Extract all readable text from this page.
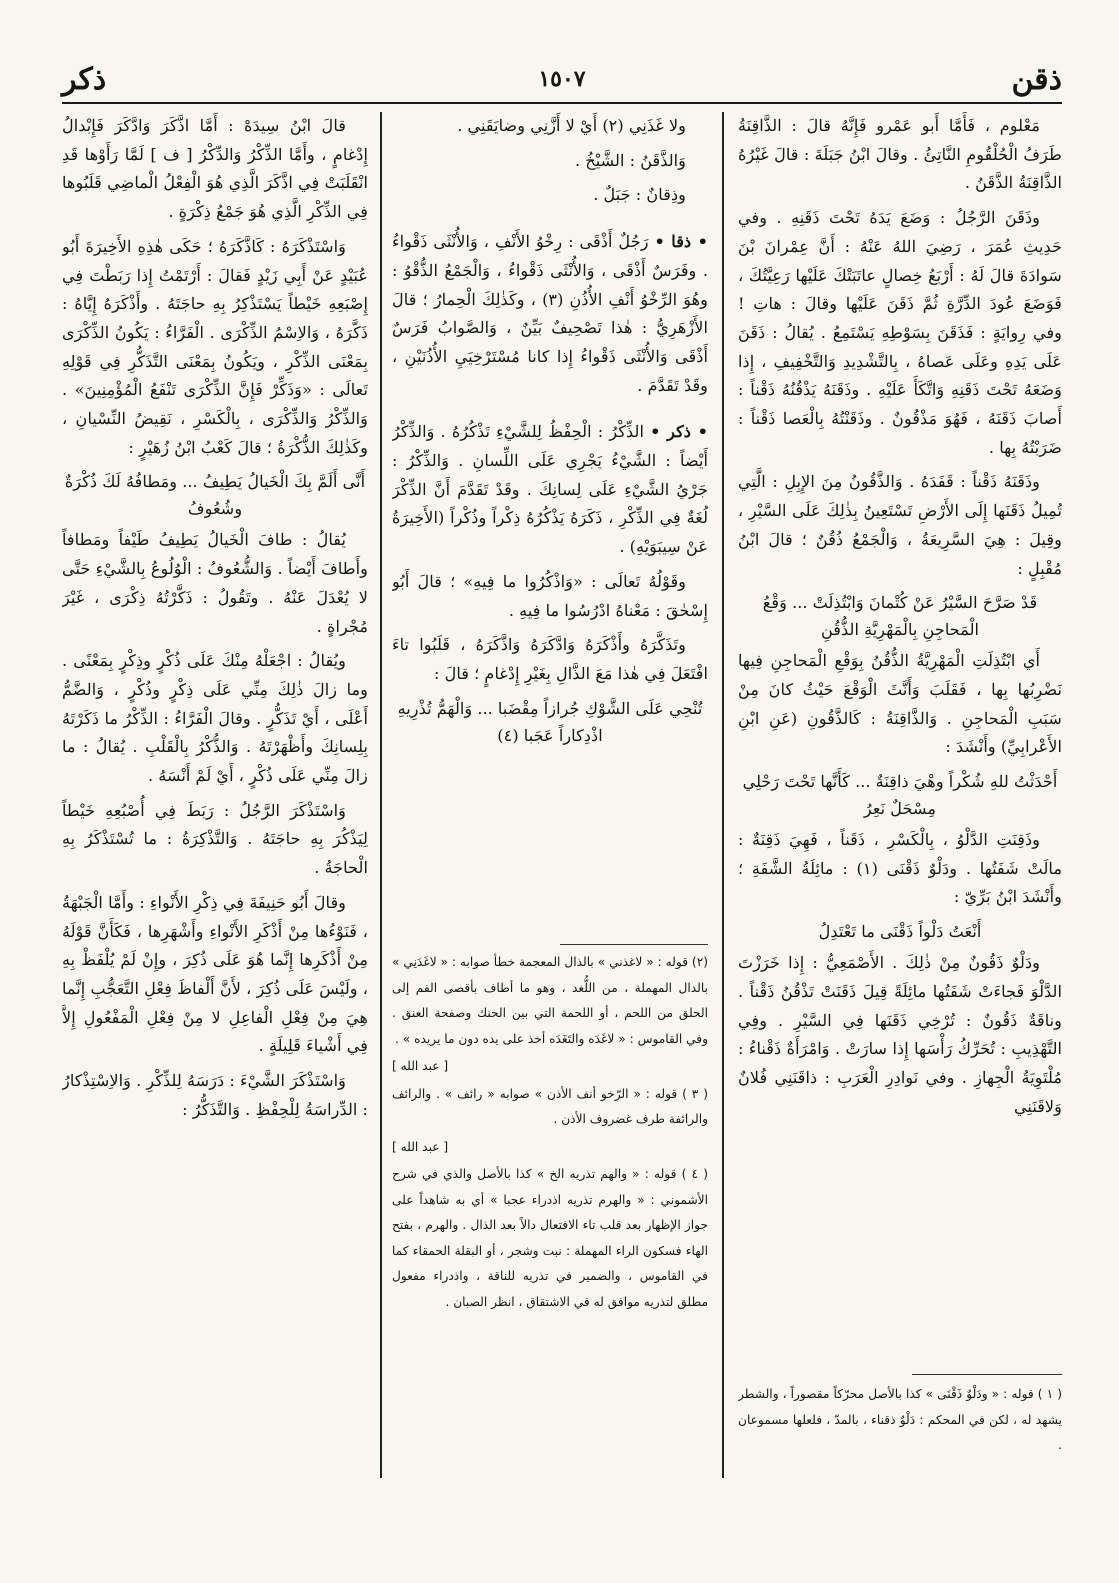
ذقن
١٥٠٧
ذكر

مَعْلوم ، فَأَمَّا أَبو عَمْرو فَإِنَّهُ قالَ : الذَّاقِنَةُ طَرَفُ الْحُلْقُومِ النَّاتِئُ . وقالَ ابْنُ جَبَلَةَ : قالَ غَيْرُهُ الذَّاقِنَةُ الذَّقَنُ .

وذَقَنَ الرَّجُلُ : وَضَعَ يَدَهُ تَحْتَ ذَقَنِهِ . وفي حَدِيثِ عُمَرَ ، رَضِيَ اللهُ عَنْهُ : أَنَّ عِمْرانَ بْنَ سَوادَةَ قالَ لَهُ : أَرْبَعُ خِصالٍ عاتَبَتْكَ عَلَيْها رَعِيَّتُكَ ، فَوَضَعَ عُودَ الدِّرَّةِ ثُمَّ ذَقَنَ عَلَيْها وقالَ : هاتِ ! وفي رِوايَةٍ : فَذَقَنَ بِسَوْطِهِ يَسْتَمِعُ . يُقالُ : ذَقَنَ عَلَى يَدِهِ وعَلَى عَصاهُ ، بِالتَّشْدِيدِ وَالتَّخْفِيفِ ، إِذا وَضَعَهُ تَحْتَ ذَقَنِهِ وَاتَّكَأَ عَلَيْهِ . وذَقَنَهُ يَذْقُنُهُ ذَقْناً : أَصابَ ذَقَنَهُ ، فَهُوَ مَذْقُونٌ . وذَقَنْتُهُ بِالْعَصا ذَقْناً : ضَرَبْتُهُ بِها .

وذَقَنَهُ ذَقْناً : قَفَدَهُ . وَالذَّقُونُ مِنَ الإِبِلِ : الَّتِي تُمِيلُ ذَقَنَها إِلَى الأَرْضِ تَسْتَعِينُ بِذٰلِكَ عَلَى السَّيْرِ ، وقِيلَ : هِيَ السَّرِيعَةُ ، وَالْجَمْعُ ذُقُنٌ ؛ قالَ ابْنُ مُقْبِلٍ :

قَدْ صَرَّحَ السَّيْرُ عَنْ كُتْمانَ وَابْتُذِلَتْ ... وَقْعُ الْمَحاجِنِ بِالْمَهْرِيَّةِ الذُّقُنِ

أَي ابْتُذِلَتِ الْمَهْرِيَّةُ الذُّقُنُ بِوَقْعِ الْمَحاجِنِ فِيها نَضْرِبُها بِها ، فَقَلَبَ وَأَنَّثَ الْوَقْعَ حَيْثُ كانَ مِنْ سَبَبِ الْمَحاجِنِ . وَالذَّاقِنَةُ : كَالذَّقُونِ (عَنِ ابْنِ الأَعْرابِيِّ) وأَنْشَدَ :

أَحْدَثْتُ للهِ شُكْراً وهْيَ ذاقِنَةٌ ... كَأَنَّها تَحْتَ رَحْلِي مِسْحَلٌ نَعِرُ

وذَقِنَتِ الدَّلْوُ ، بِالْكَسْرِ ، ذَقَناً ، فَهِيَ ذَقِنَةٌ : مالَتْ شَفَتُها . ودَلْوٌ ذَقْنَى (١) : مائِلَةُ الشَّفَةِ ؛ وأَنْشَدَ ابْنُ بَرِّيّ :

أَنْعَتُ دَلْواً ذَقْنَى ما تَعْتَدِلُ

ودَلْوٌ ذَقُونٌ مِنْ ذٰلِكَ . الأَصْمَعِيُّ : إِذا خَرَزْتَ الدَّلْوَ فَجاءَتْ شَفَتُها مائِلَةً قِيلَ ذَقَنَتْ تَذْقُنُ ذَقْناً . وناقَةٌ ذَقُونٌ : تُرْخِي ذَقَنَها فِي السَّيْرِ . وفِي التَّهْذِيبِ : تُحَرِّكُ رَأْسَها إِذا سارَتْ . وَامْرَأَةٌ ذَقْناءُ : مُلْتَوِيَةُ الْجِهازِ . وفي نَوادِرِ الْعَرَبِ : ذاقَنَنِي فُلانٌ وَلاقَنَنِي

ولا غَذَنِي (٢) أَيْ لا أَزَّنِي وضايَقَنِي .

وَالذَّقَنُ : الشَّيْخُ .

وذِقانٌ : جَبَلٌ .

• ذقا • رَجُلٌ أَذْقَى : رِخْوُ الأَنْفِ ، وَالأُنْثَى ذَقْواءُ . وفَرَسٌ أَذْقَى ، وَالأُنْثَى ذَقْواءُ ، وَالْجَمْعُ الذُّقْوُ : وهُوَ الرِّخْوُ أَنْفِ الأُذُنِ (٣) ، وكَذٰلِكَ الْحِمارُ ؛ قالَ الأَزْهَرِيُّ : هٰذا تَصْحِيفٌ بَيِّنٌ ، وَالصَّوابُ فَرَسٌ أَذْقَى وَالأُنْثَى ذَقْواءُ إِذا كانا مُسْتَرْخِيَيِ الأُذُنَيْنِ ، وقَدْ تَقَدَّمَ .

• ذكر • الذِّكْرُ : الْحِفْظُ لِلشَّيْءِ تَذْكُرُهُ . وَالذِّكْرُ أَيْضاً : الشَّيْءُ يَجْرِي عَلَى اللِّسانِ . وَالذِّكْرُ : جَرْيُ الشَّيْءِ عَلَى لِسانِكَ . وقَدْ تَقَدَّمَ أَنَّ الذِّكْرَ لُغَةٌ فِي الذِّكْرِ ، ذَكَرَهُ يَذْكُرُهُ ذِكْراً وذُكْراً (الأَخِيرَةُ عَنْ سِيبَوَيْهِ) .

وقَوْلُهُ تَعالَى : «وَاذْكُرُوا ما فِيهِ» ؛ قالَ أَبُو إِسْحٰقَ : مَعْناهُ ادْرُسُوا ما فِيهِ .

وتَذَكَّرَهُ وأَذْكَرَهُ وَادَّكَرَهُ وَاذَّكَرَهُ ، قَلَبُوا تاءَ افْتَعَلَ فِي هٰذا مَعَ الذَّالِ بِغَيْرِ إِدْغامٍ ؛ قالَ :

تُنْحِي عَلَى الشَّوْكِ جُرازاً مِقْضَبا ... وَالْهَمُّ تُذْرِيهِ اذْدِكاراً عَجَبا (٤)

(٢) قوله : « لاغذني » بالذال المعجمة خطأ صوابه : « لاغَدَنِي » بالدال المهملة ، من اللُّغد ، وهو ما أطاف بأقصى الفم إلى الحلق من اللحم ، أو اللحمة التي بين الحنك وصفحة العنق . وفي القاموس : « لاغَدَه والتَغَدَه أخذ على يده دون ما يريده » .

[ عبد الله ]

( ٣ ) قوله : « الرّخو أنف الأذن » صوابه « رائف » . والرائف والرائفة طرف غضروف الأذن .

[ عبد الله ]

( ٤ ) قوله : « والهم تذريه الخ » كذا بالأصل والذي في شرح الأشموني : « والهرم تذريه اذدراء عجبا » أي به شاهداً على جواز الإظهار بعد قلب تاء الافتعال دالاً بعد الذال . والهرم ، بفتح الهاء فسكون الراء المهملة : نبت وشجر ، أو البقلة الحمقاء كما في القاموس ، والضمير في تذريه للناقة ، واذدراء مفعول مطلق لتذريه موافق له في الاشتقاق ، انظر الصبان .

( ١ ) قوله : « ودَلْوٌ ذَقْنَى » كذا بالأصل محرّكاً مقصوراً ، والشطر يشهد له ، لكن في المحكم : دَلْوٌ ذقناء ، بالمدّ ، فلعلها مسموعان .

قالَ ابْنُ سِيدَهْ : أَمَّا اذَّكَرَ وَادَّكَرَ فَإِبْدالُ إِدْغامٍ ، وأَمَّا الذِّكْرُ وَالدِّكْرُ [ ف ] لَمَّا رَأَوْها قَدِ انْقَلَبَتْ فِي اذَّكَرَ الَّذِي هُوَ الْفِعْلُ الْماضِي قَلَبُوها فِي الذِّكْرِ الَّذِي هُوَ جَمْعُ ذِكْرَةٍ .

وَاسْتَذْكَرَهُ : كَاذَّكَرَهُ ؛ حَكَى هٰذِهِ الأَخِيرَةَ أَبُو عُبَيْدٍ عَنْ أَبِي زَيْدٍ فَقالَ : أَرْتَمْتُ إِذا رَبَطْتَ فِي إِصْبَعِهِ خَيْطاً يَسْتَذْكِرُ بِهِ حاجَتَهُ . وأَذْكَرَهُ إِيَّاهُ : ذَكَّرَهُ ، وَالاِسْمُ الذِّكْرَى . الْفَرَّاءُ : يَكُونُ الذِّكْرَى بِمَعْنَى الذِّكْرِ ، ويَكُونُ بِمَعْنَى التَّذَكُّرِ فِي قَوْلِهِ تَعالَى : «وَذَكِّرْ فَإِنَّ الذِّكْرَى تَنْفَعُ الْمُؤْمِنِينَ» . وَالذِّكْرُ وَالذِّكْرَى ، بِالْكَسْرِ ، نَقِيضُ النِّسْيانِ ، وكَذٰلِكَ الذُّكْرَةُ ؛ قالَ كَعْبُ ابْنُ زُهَيْرٍ :

أَنَّى أَلَمَّ بِكَ الْخَيالُ يَطِيفُ ... ومَطافُهُ لَكَ ذُكْرَةٌ وشُعُوفُ

يُقالُ : طافَ الْخَيالُ يَطِيفُ طَيْفاً ومَطافاً وأَطافَ أَيْضاً . وَالشُّعُوفُ : الْوُلُوعُ بِالشَّيْءِ حَتَّى لا يُعْدَلَ عَنْهُ . وتَقُولُ : ذَكَّرْتُهُ ذِكْرَى ، غَيْرَ مُجْراةٍ .

ويُقالُ : اجْعَلْهُ مِنْكَ عَلَى ذُكْرٍ وذِكْرٍ بِمَعْنًى . وما زالَ ذٰلِكَ مِنِّي عَلَى ذِكْرٍ وذُكْرٍ ، وَالضَّمُّ أَعْلَى ، أَيْ تَذَكُّرٍ . وقالَ الْفَرَّاءُ : الذِّكْرُ ما ذَكَرْتَهُ بِلِسانِكَ وأَظْهَرْتَهُ . وَالذُّكْرُ بِالْقَلْبِ . يُقالُ : ما زالَ مِنِّي عَلَى ذُكْرٍ ، أَيْ لَمْ أَنْسَهُ .

وَاسْتَذْكَرَ الرَّجُلُ : رَبَطَ فِي أُصْبُعِهِ خَيْطاً لِيَذْكُرَ بِهِ حاجَتَهُ . وَالتَّذْكِرَةُ : ما تُسْتَذْكَرُ بِهِ الْحاجَةُ .

وقالَ أَبُو حَنِيفَةَ فِي ذِكْرِ الأَنْواءِ : وأَمَّا الْجَبْهَةُ ، فَنَوْءُها مِنْ أَذْكَرِ الأَنْواءِ وأَشْهَرِها ، فَكَأَنَّ قَوْلَهُ مِنْ أَذْكَرِها إِنَّما هُوَ عَلَى ذُكِرَ ، وإِنْ لَمْ يُلْفَظْ بِهِ ، ولَيْسَ عَلَى ذُكِرَ ، لأَنَّ أَلْفاظَ فِعْلِ التَّعَجُّبِ إِنَّما هِيَ مِنْ فِعْلِ الْفاعِلِ لا مِنْ فِعْلِ الْمَفْعُولِ إِلاَّ فِي أَشْياءَ قَلِيلَةٍ .

وَاسْتَذْكَرَ الشَّيْءَ : دَرَسَهُ لِلذِّكْرِ . وَالاِسْتِذْكارُ : الدِّراسَةُ لِلْحِفْظِ . وَالتَّذَكُّرُ :
